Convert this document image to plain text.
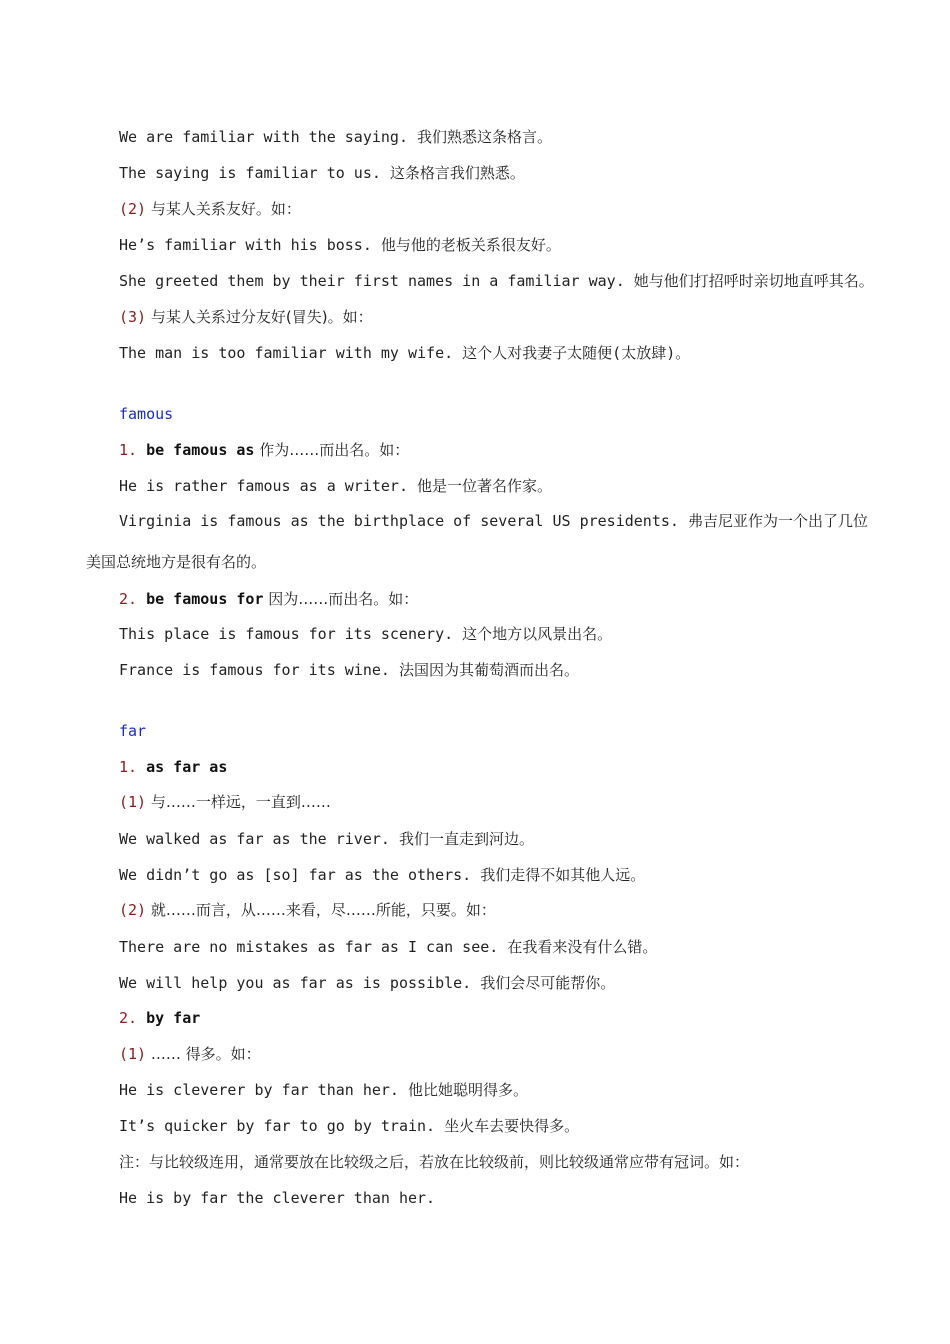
We are familiar with the saying. 我们熟悉这条格言。
The saying is familiar to us. 这条格言我们熟悉。
(2) 与某人关系友好。如：
He’s familiar with his boss. 他与他的老板关系很友好。
She greeted them by their first names in a familiar way. 她与他们打招呼时亲切地直呼其名。
(3) 与某人关系过分友好(冒失)。如：
The man is too familiar with my wife. 这个人对我妻子太随便(太放肆)。
famous
1. be famous as 作为……而出名。如：
He is rather famous as a writer. 他是一位著名作家。
Virginia is famous as the birthplace of several US presidents. 弗吉尼亚作为一个出了几位
美国总统地方是很有名的。
2. be famous for 因为……而出名。如：
This place is famous for its scenery. 这个地方以风景出名。
France is famous for its wine. 法国因为其葡萄酒而出名。
far
1. as far as
(1) 与……一样远，一直到……
We walked as far as the river. 我们一直走到河边。
We didn’t go as [so] far as the others. 我们走得不如其他人远。
(2) 就……而言，从……来看，尽……所能，只要。如：
There are no mistakes as far as I can see. 在我看来没有什么错。
We will help you as far as is possible. 我们会尽可能帮你。
2. by far
(1) …… 得多。如：
He is cleverer by far than her. 他比她聪明得多。
It’s quicker by far to go by train. 坐火车去要快得多。
注：与比较级连用，通常要放在比较级之后，若放在比较级前，则比较级通常应带有冠词。如：
He is by far the cleverer than her.
